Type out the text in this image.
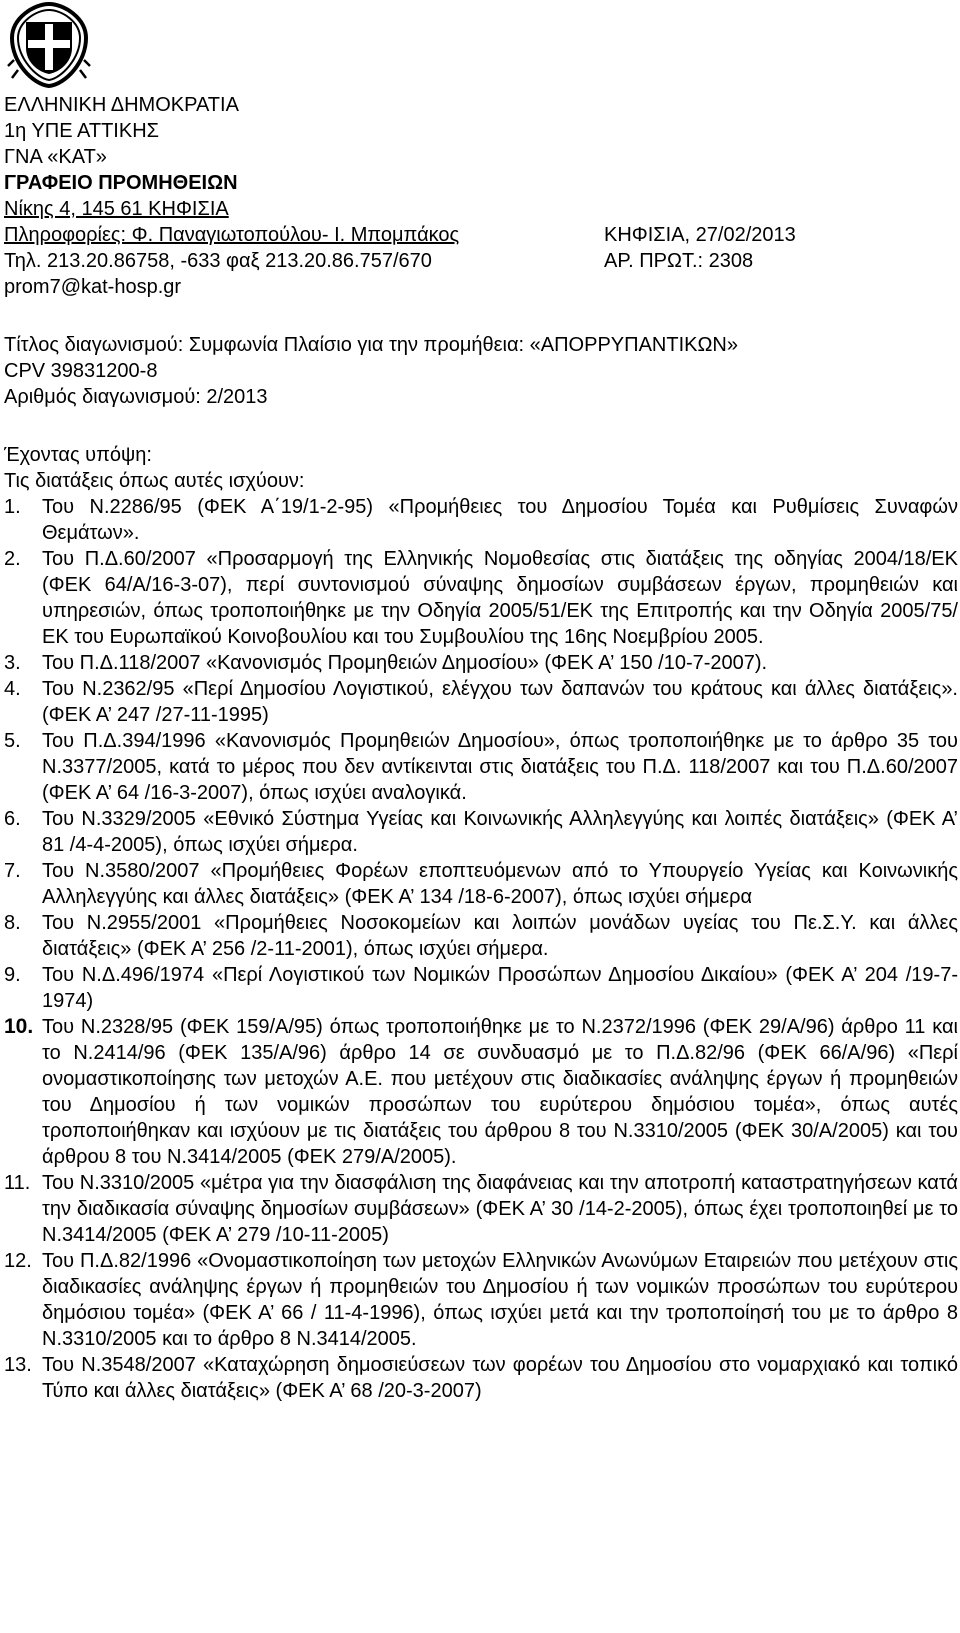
ΕΛΛΗΝΙΚΗ ΔΗΜΟΚΡΑΤΙΑ
1η ΥΠΕ ΑΤΤΙΚΗΣ
ΓΝΑ «ΚΑΤ»
ΓΡΑΦΕΙΟ ΠΡΟΜΗΘΕΙΩΝ
Νίκης 4, 145 61 ΚΗΦΙΣΙΑ
Πληροφορίες: Φ. Παναγιωτοπούλου- Ι. Μπομπάκος
Τηλ. 213.20.86758, -633 φαξ 213.20.86.757/670
prom7@kat-hosp.gr
ΚΗΦΙΣΙΑ, 27/02/2013
ΑΡ. ΠΡΩΤ.: 2308
Τίτλος διαγωνισμού: Συμφωνία Πλαίσιο για την προμήθεια: «ΑΠΟΡΡΥΠΑΝΤΙΚΩΝ»
CPV 39831200-8
Αριθμός διαγωνισμού: 2/2013
Έχοντας υπόψη:
Τις διατάξεις όπως αυτές ισχύουν:
1.	Του Ν.2286/95 (ΦΕΚ Α΄19/1-2-95) «Προμήθειες του Δημοσίου Τομέα και Ρυθμίσεις Συναφών Θεμάτων».
2.	Του Π.Δ.60/2007 «Προσαρμογή της Ελληνικής Νομοθεσίας στις διατάξεις της οδηγίας 2004/18/ΕΚ (ΦΕΚ 64/Α/16-3-07), περί συντονισμού σύναψης δημοσίων συμβάσεων έργων, προμηθειών και υπηρεσιών, όπως τροποποιήθηκε με την Οδηγία 2005/51/ΕΚ της Επιτροπής και την Οδηγία 2005/75/ΕΚ του Ευρωπαϊκού Κοινοβουλίου και του Συμβουλίου της 16ης Νοεμβρίου 2005.
3.	Του Π.Δ.118/2007 «Κανονισμός Προμηθειών Δημοσίου» (ΦΕΚ Α’ 150 /10-7-2007).
4.	Του Ν.2362/95 «Περί Δημοσίου Λογιστικού, ελέγχου των δαπανών του κράτους και άλλες διατάξεις». (ΦΕΚ Α’ 247 /27-11-1995)
5.	Του Π.Δ.394/1996 «Κανονισμός Προμηθειών Δημοσίου», όπως τροποποιήθηκε με το άρθρο 35 του Ν.3377/2005, κατά το μέρος που δεν αντίκεινται στις διατάξεις του Π.Δ. 118/2007 και του Π.Δ.60/2007 (ΦΕΚ Α’ 64 /16-3-2007), όπως ισχύει αναλογικά.
6.	Του Ν.3329/2005 «Εθνικό Σύστημα Υγείας και Κοινωνικής Αλληλεγγύης και λοιπές διατάξεις» (ΦΕΚ Α’ 81 /4-4-2005), όπως ισχύει σήμερα.
7.	Του Ν.3580/2007 «Προμήθειες Φορέων εποπτευόμενων από το Υπουργείο Υγείας και Κοινωνικής Αλληλεγγύης και άλλες διατάξεις» (ΦΕΚ Α’ 134 /18-6-2007), όπως ισχύει σήμερα
8.	Του Ν.2955/2001 «Προμήθειες Νοσοκομείων και λοιπών μονάδων υγείας του Πε.Σ.Υ. και άλλες διατάξεις» (ΦΕΚ Α’ 256 /2-11-2001), όπως ισχύει σήμερα.
9.	Του Ν.Δ.496/1974 «Περί Λογιστικού των Νομικών Προσώπων Δημοσίου Δικαίου» (ΦΕΚ Α’ 204 /19-7-1974)
10. Του Ν.2328/95 (ΦΕΚ 159/Α/95) όπως τροποποιήθηκε με το Ν.2372/1996 (ΦΕΚ 29/Α/96) άρθρο 11 και το Ν.2414/96 (ΦΕΚ 135/Α/96) άρθρο 14 σε συνδυασμό με το Π.Δ.82/96 (ΦΕΚ 66/Α/96) «Περί ονομαστικοποίησης των μετοχών Α.Ε. που μετέχουν στις διαδικασίες ανάληψης έργων ή προμηθειών του Δημοσίου ή των νομικών προσώπων του ευρύτερου δημόσιου τομέα», όπως αυτές τροποποιήθηκαν και ισχύουν με τις διατάξεις του άρθρου 8 του Ν.3310/2005 (ΦΕΚ 30/Α/2005) και του άρθρου 8 του Ν.3414/2005 (ΦΕΚ 279/Α/2005).
11. Του Ν.3310/2005 «μέτρα για την διασφάλιση της διαφάνειας και την αποτροπή καταστρατηγήσεων κατά την διαδικασία σύναψης δημοσίων συμβάσεων» (ΦΕΚ Α’ 30 /14-2-2005), όπως έχει τροποποιηθεί με το Ν.3414/2005 (ΦΕΚ Α’ 279 /10-11-2005)
12. Του Π.Δ.82/1996 «Ονομαστικοποίηση των μετοχών Ελληνικών Ανωνύμων Εταιρειών που μετέχουν στις διαδικασίες ανάληψης έργων ή προμηθειών του Δημοσίου ή των νομικών προσώπων του ευρύτερου δημόσιου τομέα» (ΦΕΚ Α’ 66 / 11-4-1996), όπως ισχύει μετά και την τροποποίησή του με το άρθρο 8 Ν.3310/2005 και το άρθρο 8 Ν.3414/2005.
13. Του Ν.3548/2007 «Καταχώρηση δημοσιεύσεων των φορέων του Δημοσίου στο νομαρχιακό και τοπικό Τύπο και άλλες διατάξεις» (ΦΕΚ Α’ 68 /20-3-2007)
